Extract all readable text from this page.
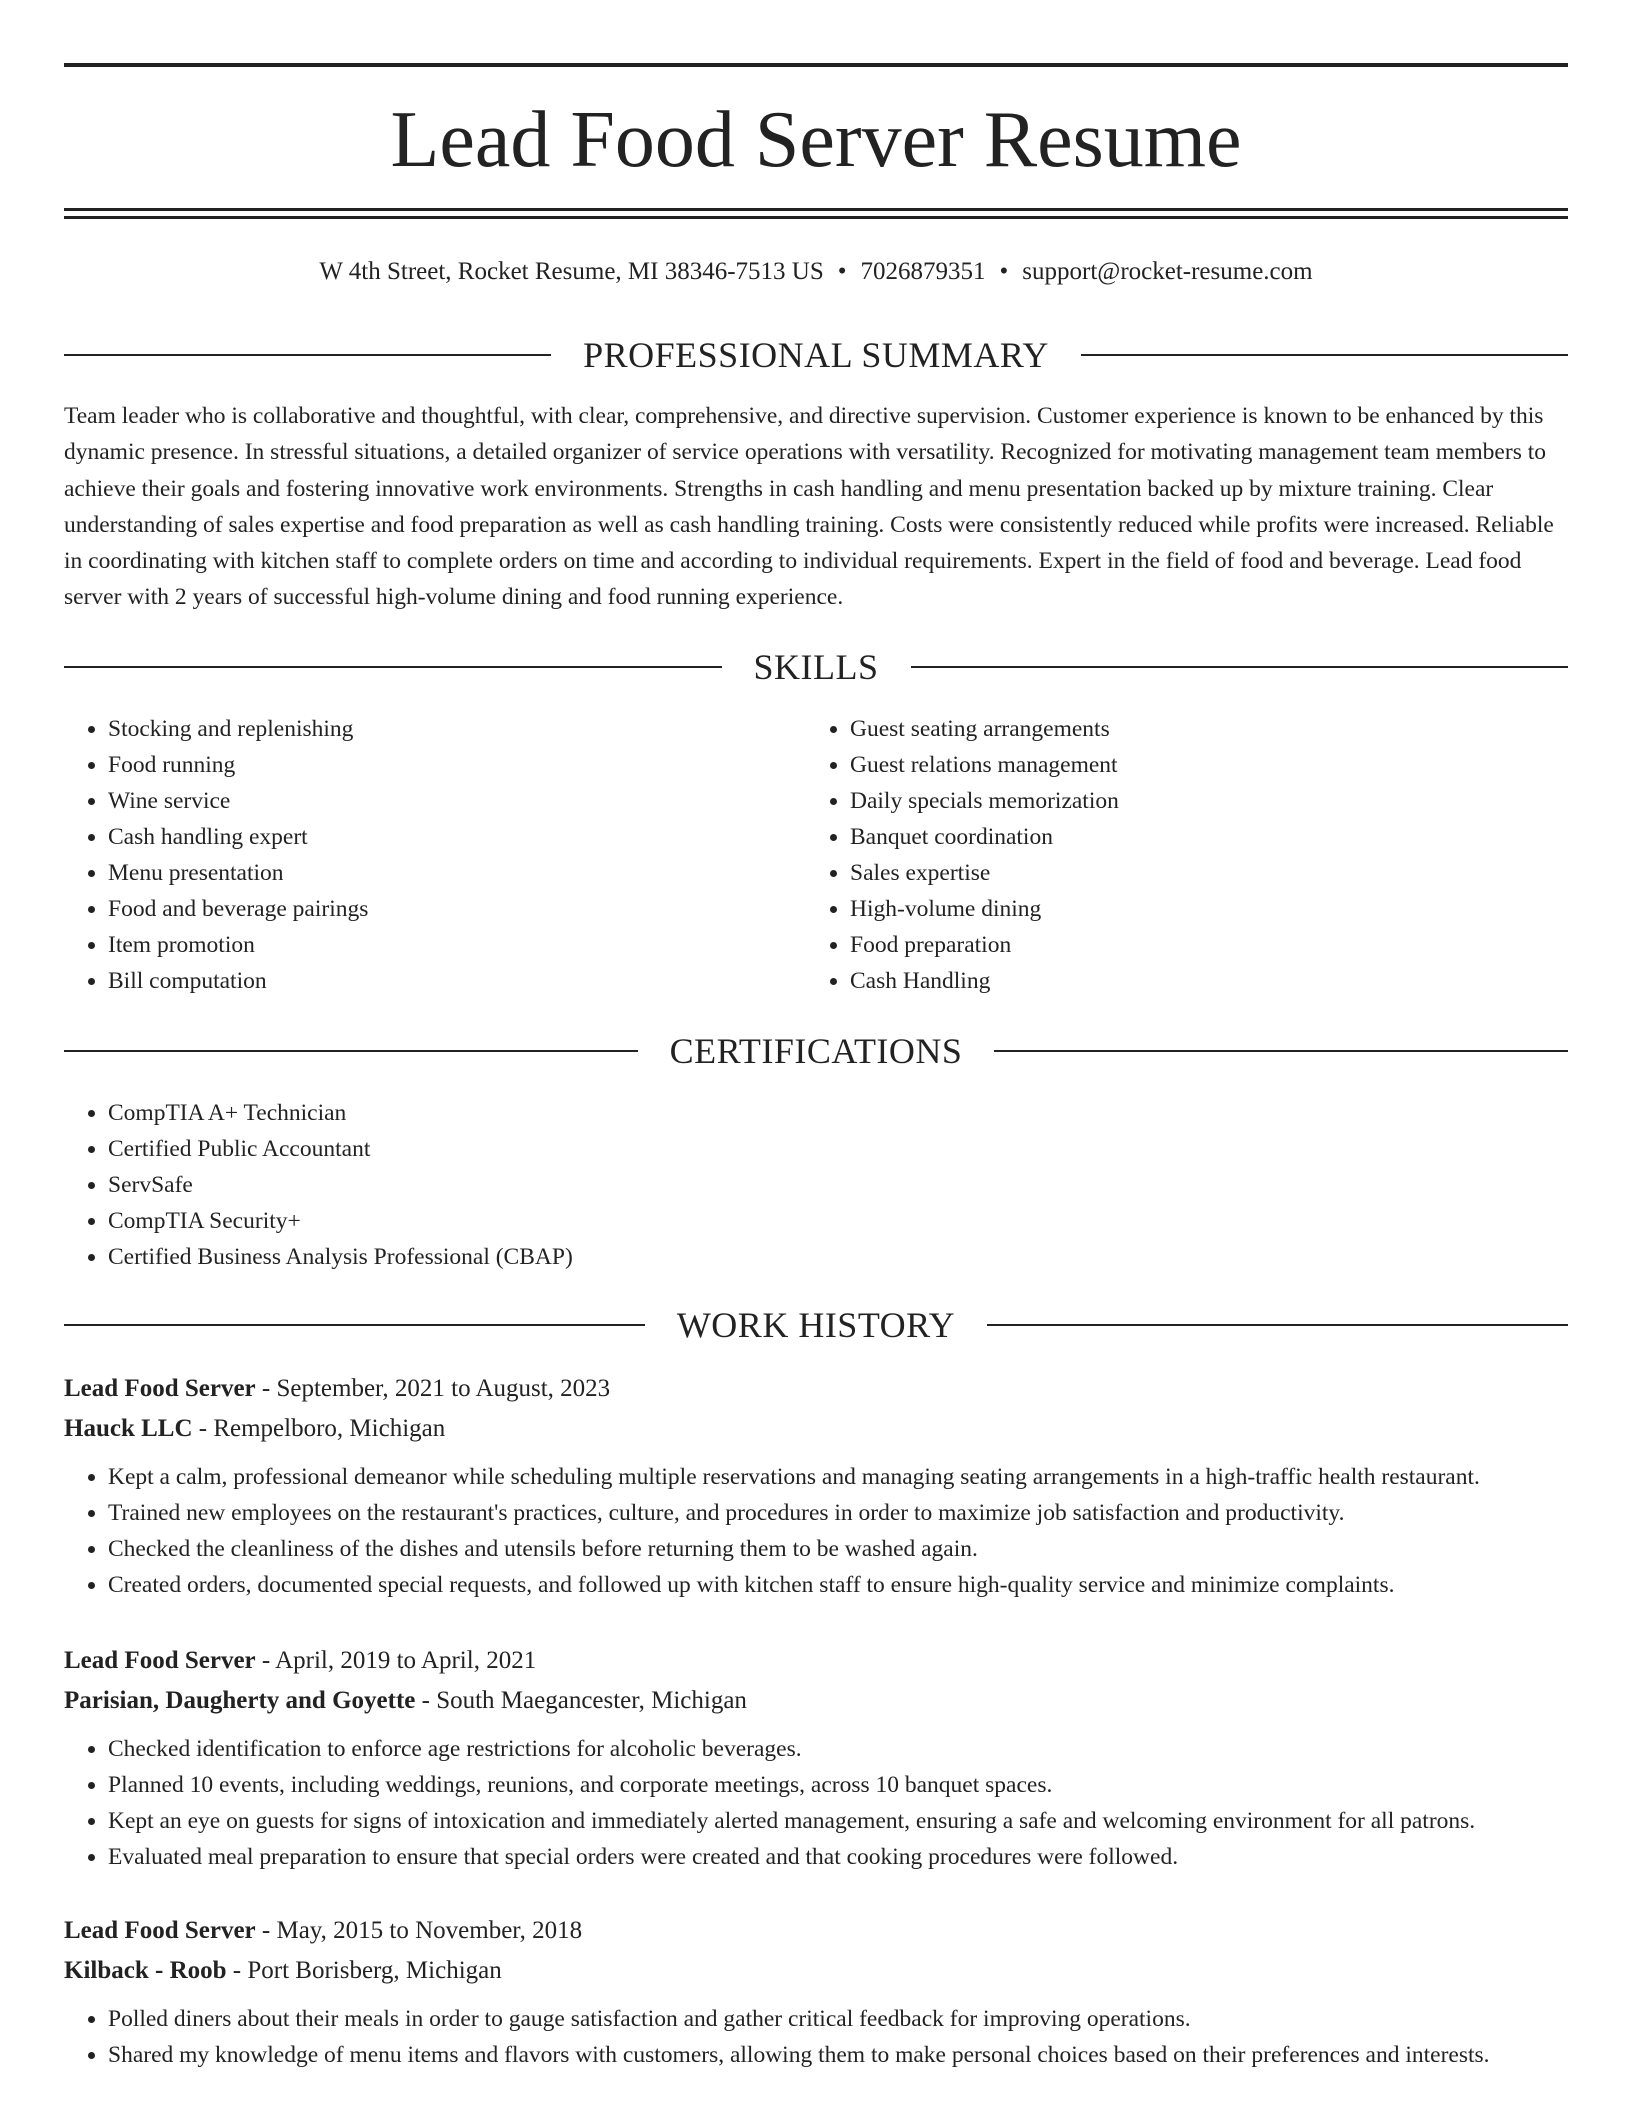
Lead Food Server Resume
W 4th Street, Rocket Resume, MI 38346-7513 US • 7026879351 • support@rocket-resume.com
PROFESSIONAL SUMMARY

Team leader who is collaborative and thoughtful, with clear, comprehensive, and directive supervision. Customer experience is known to be enhanced by this dynamic presence. In stressful situations, a detailed organizer of service operations with versatility. Recognized for motivating management team members to achieve their goals and fostering innovative work environments. Strengths in cash handling and menu presentation backed up by mixture training. Clear understanding of sales expertise and food preparation as well as cash handling training. Costs were consistently reduced while profits were increased. Reliable in coordinating with kitchen staff to complete orders on time and according to individual requirements. Expert in the field of food and beverage. Lead food server with 2 years of successful high-volume dining and food running experience.

SKILLS
• Stocking and replenishing
• Food running
• Wine service
• Cash handling expert
• Menu presentation
• Food and beverage pairings
• Item promotion
• Bill computation
• Guest seating arrangements
• Guest relations management
• Daily specials memorization
• Banquet coordination
• Sales expertise
• High-volume dining
• Food preparation
• Cash Handling
CERTIFICATIONS
• CompTIA A+ Technician
• Certified Public Accountant
• ServSafe
• CompTIA Security+
• Certified Business Analysis Professional (CBAP)
WORK HISTORY
Lead Food Server - September, 2021 to August, 2023
Hauck LLC - Rempelboro, Michigan
• Kept a calm, professional demeanor while scheduling multiple reservations and managing seating arrangements in a high-traffic health restaurant.
• Trained new employees on the restaurant's practices, culture, and procedures in order to maximize job satisfaction and productivity.
• Checked the cleanliness of the dishes and utensils before returning them to be washed again.
• Created orders, documented special requests, and followed up with kitchen staff to ensure high-quality service and minimize complaints.
Lead Food Server - April, 2019 to April, 2021
Parisian, Daugherty and Goyette - South Maegancester, Michigan
• Checked identification to enforce age restrictions for alcoholic beverages.
• Planned 10 events, including weddings, reunions, and corporate meetings, across 10 banquet spaces.
• Kept an eye on guests for signs of intoxication and immediately alerted management, ensuring a safe and welcoming environment for all patrons.
• Evaluated meal preparation to ensure that special orders were created and that cooking procedures were followed.
Lead Food Server - May, 2015 to November, 2018
Kilback - Roob - Port Borisberg, Michigan
• Polled diners about their meals in order to gauge satisfaction and gather critical feedback for improving operations.
• Shared my knowledge of menu items and flavors with customers, allowing them to make personal choices based on their preferences and interests.
